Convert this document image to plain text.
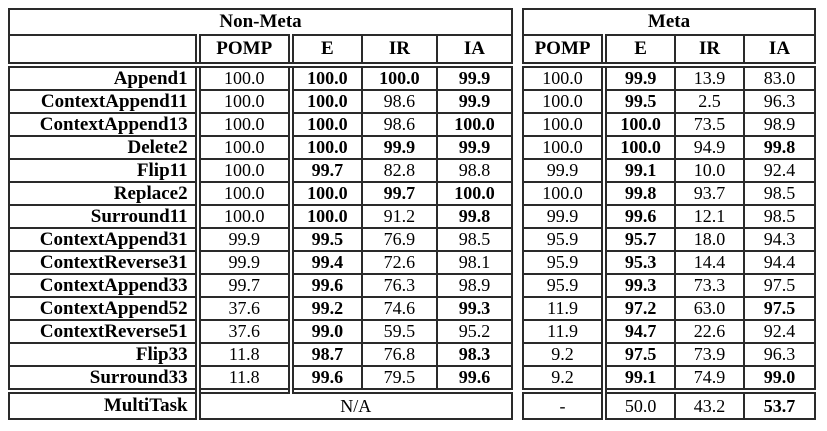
Non-Meta				
	POMP	E	IR	IA
Append1	100.0	100.0	100.0	99.9
ContextAppend11	100.0	100.0	98.6	99.9
ContextAppend13	100.0	100.0	98.6	100.0
Delete2	100.0	100.0	99.9	99.9
Flip11	100.0	99.7	82.8	98.8
Replace2	100.0	100.0	99.7	100.0
Surround11	100.0	100.0	91.2	99.8
ContextAppend31	99.9	99.5	76.9	98.5
ContextReverse31	99.9	99.4	72.6	98.1
ContextAppend33	99.7	99.6	76.3	98.9
ContextAppend52	37.6	99.2	74.6	99.3
ContextReverse51	37.6	99.0	59.5	95.2
Flip33	11.8	98.7	76.8	98.3
Surround33	11.8	99.6	79.5	99.6
MultiTask	N/A			
Meta			
POMP	E	IR	IA
100.0	99.9	13.9	83.0
100.0	99.5	2.5	96.3
100.0	100.0	73.5	98.9
100.0	100.0	94.9	99.8
99.9	99.1	10.0	92.4
100.0	99.8	93.7	98.5
99.9	99.6	12.1	98.5
95.9	95.7	18.0	94.3
95.9	95.3	14.4	94.4
95.9	99.3	73.3	97.5
11.9	97.2	63.0	97.5
11.9	94.7	22.6	92.4
9.2	97.5	73.9	96.3
9.2	99.1	74.9	99.0
-	50.0	43.2	53.7
